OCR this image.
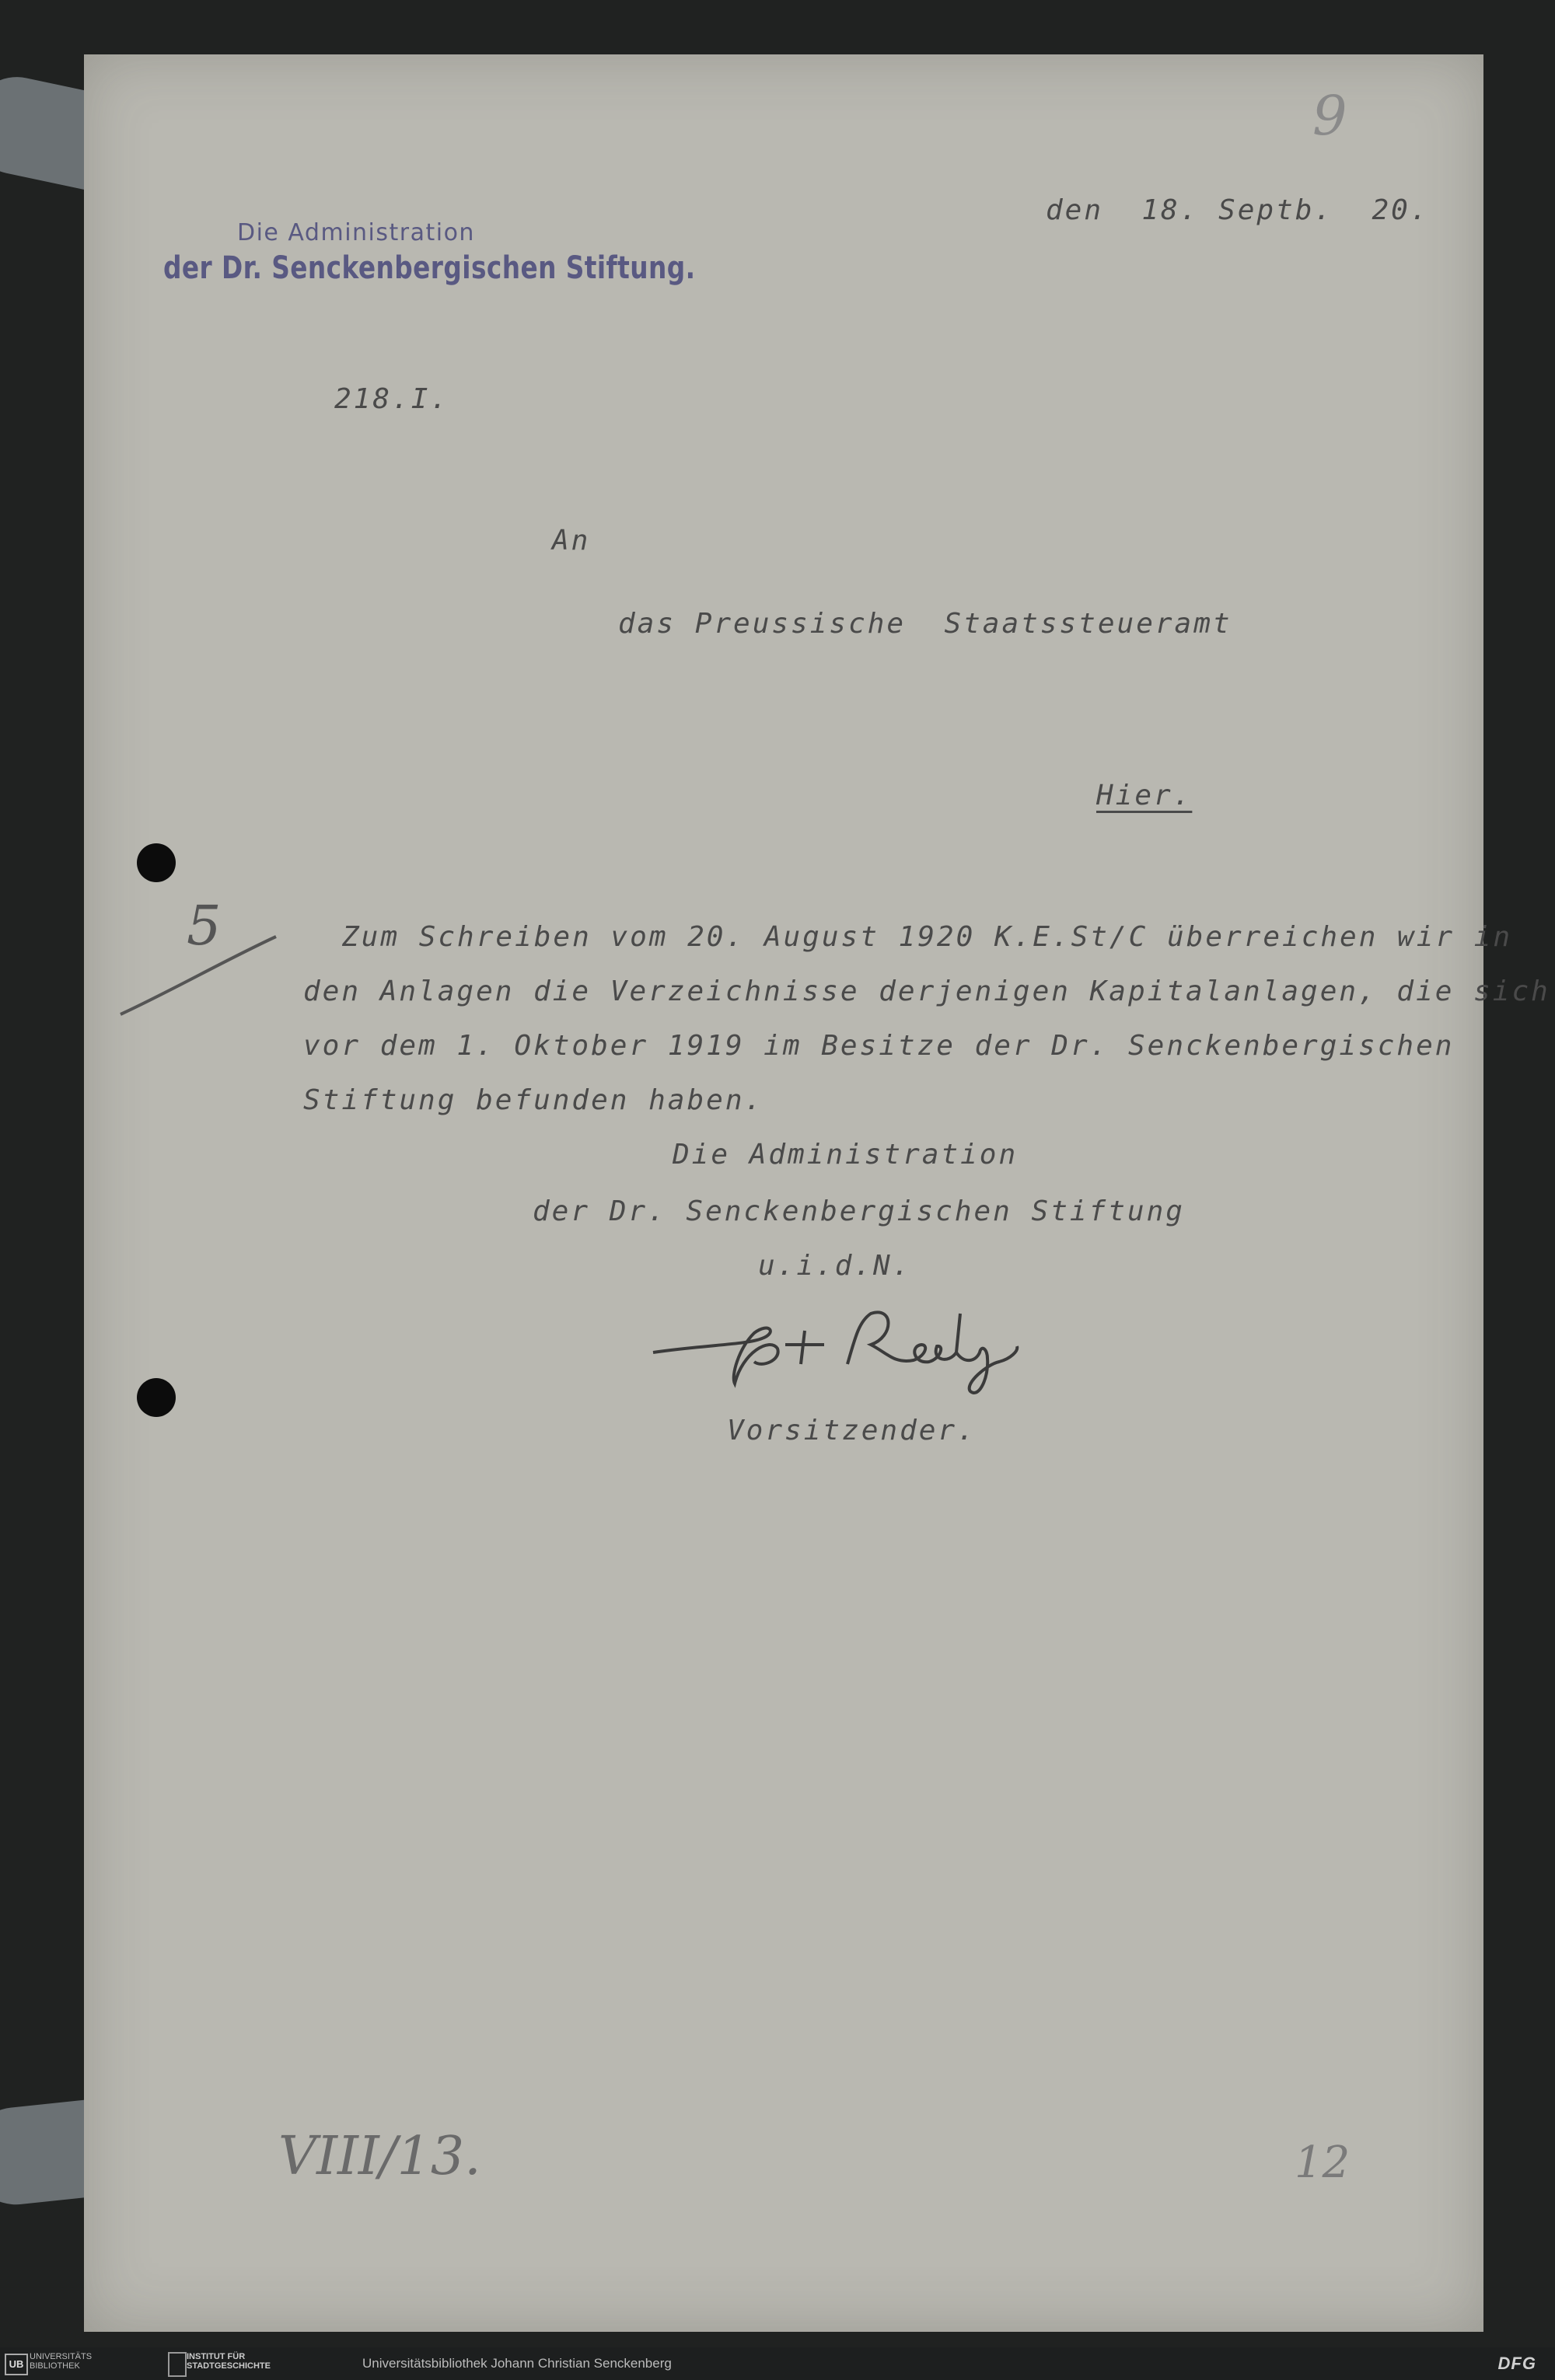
Die Administration
der Dr. Senckenbergischen Stiftung.
den  18. Septb.  20.
218.I.
An
das Preussische  Staatssteueramt
Hier.
Zum Schreiben vom 20. August 1920 K.E.St/C überreichen wir in
den Anlagen die Verzeichnisse derjenigen Kapitalanlagen, die sich
vor dem 1. Oktober 1919 im Besitze der Dr. Senckenbergischen
Stiftung befunden haben.
Die Administration
der Dr. Senckenbergischen Stiftung
u.i.d.N.
Vorsitzender.
9
5
VIII/13.	12
UB
UNIVERSITÄTS
BIBLIOTHEK
INSTITUT FÜR
STADTGESCHICHTE	Universitätsbibliothek Johann Christian Senckenberg	DFG
